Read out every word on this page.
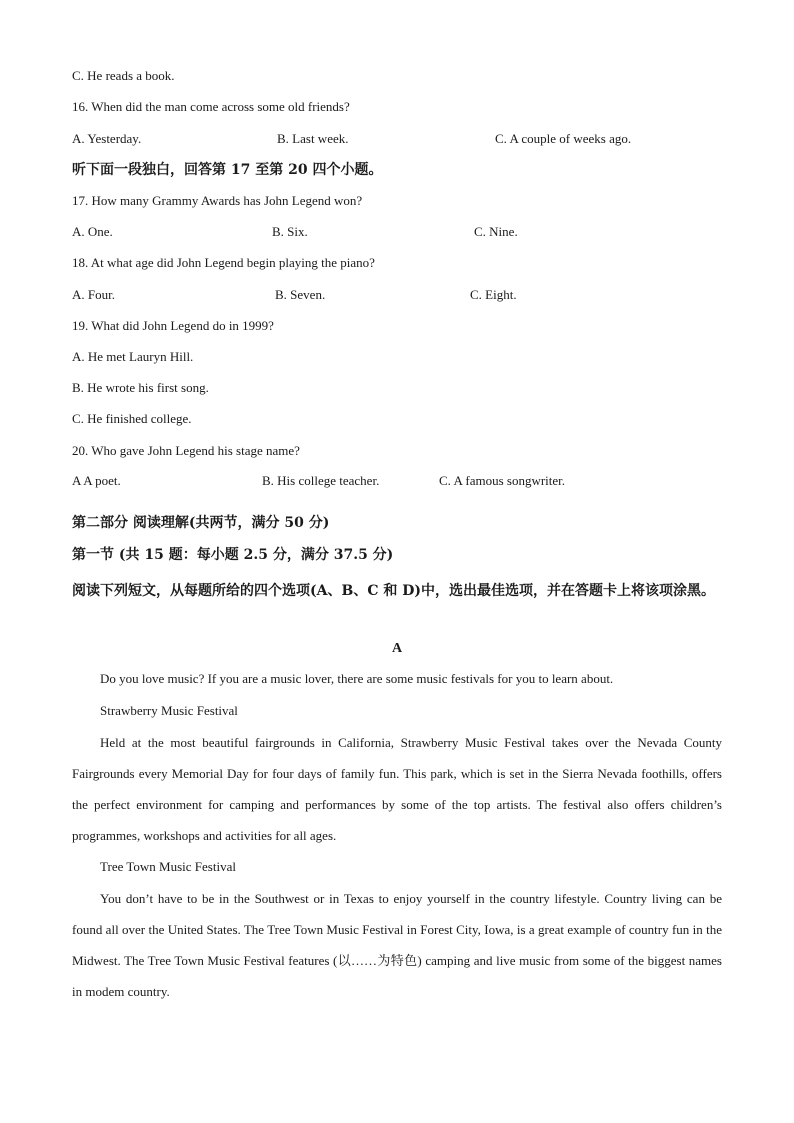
C. He reads a book.
16. When did the man come across some old friends?
A. Yesterday.	B. Last week.	C. A couple of weeks ago.
听下面一段独白，回答第 17 至第 20 四个小题。
17. How many Grammy Awards has John Legend won?
A. One.	B. Six.	C. Nine.
18. At what age did John Legend begin playing the piano?
A. Four.	B. Seven.	C. Eight.
19. What did John Legend do in 1999?
A. He met Lauryn Hill.
B. He wrote his first song.
C. He finished college.
20. Who gave John Legend his stage name?
A A poet.	B. His college teacher.	C. A famous songwriter.
第二部分 阅读理解(共两节，满分 50 分)
第一节 (共 15 题：每小题 2.5 分，满分 37.5 分)
阅读下列短文，从每题所给的四个选项(A、B、C 和 D)中，选出最佳选项，并在答题卡上将该项涂黑。
A
Do you love music? If you are a music lover, there are some music festivals for you to learn about.
Strawberry Music Festival
Held at the most beautiful fairgrounds in California, Strawberry Music Festival takes over the Nevada County Fairgrounds every Memorial Day for four days of family fun. This park, which is set in the Sierra Nevada foothills, offers the perfect environment for camping and performances by some of the top artists. The festival also offers children’s programmes, workshops and activities for all ages.
Tree Town Music Festival
You don’t have to be in the Southwest or in Texas to enjoy yourself in the country lifestyle. Country living can be found all over the United States. The Tree Town Music Festival in Forest City, Iowa, is a great example of country fun in the Midwest. The Tree Town Music Festival features (以……为特色) camping and live music from some of the biggest names in modem country.
